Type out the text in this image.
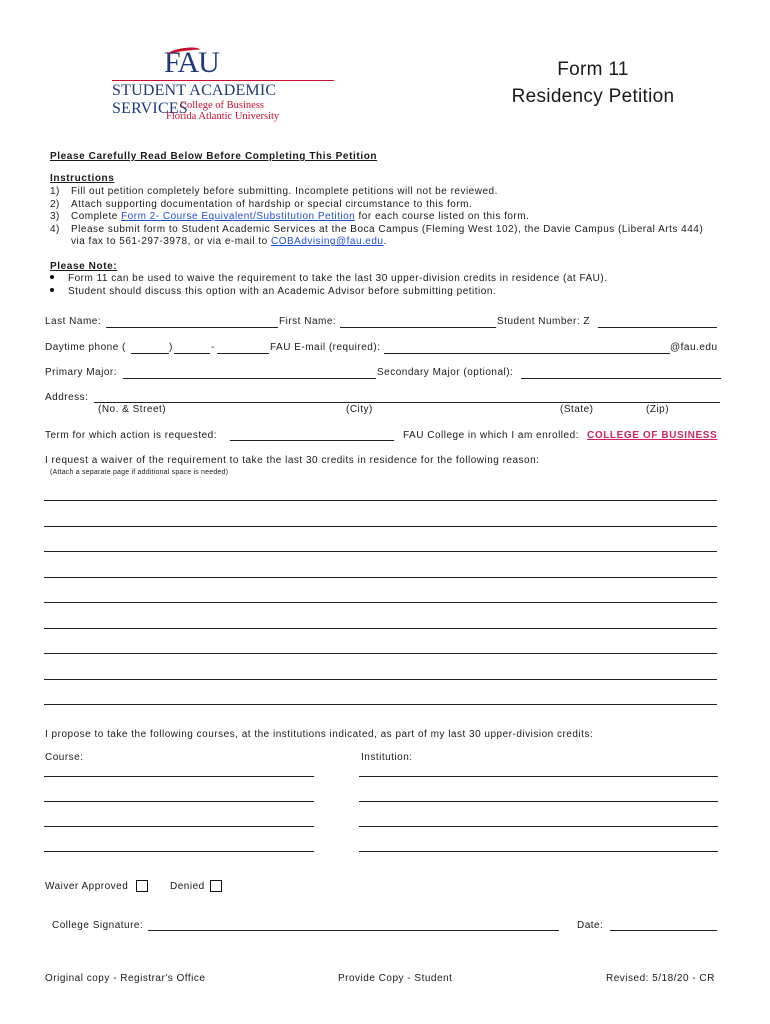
FAU
STUDENT ACADEMIC SERVICES
College of Business
Florida Atlantic University
Form 11
Residency Petition
Please Carefully Read Below Before Completing This Petition
Instructions
1) Fill out petition completely before submitting. Incomplete petitions will not be reviewed.
2) Attach supporting documentation of hardship or special circumstance to this form.
3) Complete Form 2- Course Equivalent/Substitution Petition for each course listed on this form.
4) Please submit form to Student Academic Services at the Boca Campus (Fleming West 102), the Davie Campus (Liberal Arts 444)
via fax to 561-297-3978, or via e-mail to COBAdvising@fau.edu.
Please Note:
Form 11 can be used to waive the requirement to take the last 30 upper-division credits in residence (at FAU).
Student should discuss this option with an Academic Advisor before submitting petition.
Last Name:	First Name:	Student Number: Z
Daytime phone (	)	-	FAU E-mail (required):	@fau.edu
Primary Major:	Secondary Major (optional):
Address:
(No. & Street)	(City)	(State)	(Zip)
Term for which action is requested:	FAU College in which I am enrolled: COLLEGE OF BUSINESS
I request a waiver of the requirement to take the last 30 credits in residence for the following reason:
(Attach a separate page if additional space is needed)
I propose to take the following courses, at the institutions indicated, as part of my last 30 upper-division credits:
Course:	Institution:
Waiver Approved	Denied
College Signature:	Date:
Original copy - Registrar's Office	Provide Copy - Student	Revised: 5/18/20 - CR
